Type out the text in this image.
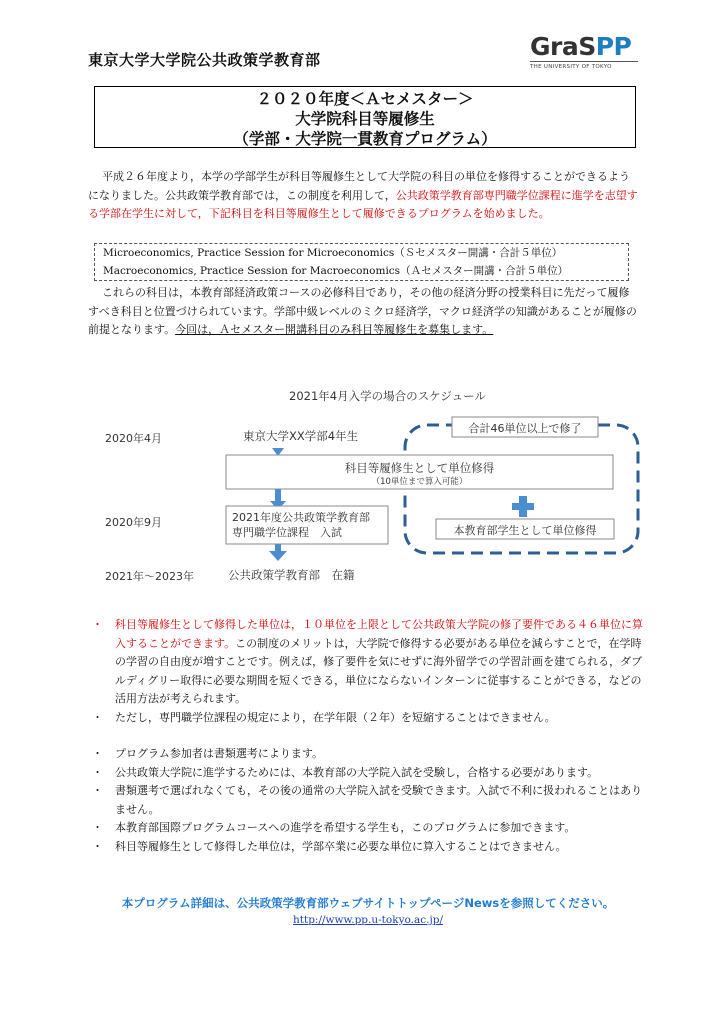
東京大学大学院公共政策学教育部	GraSPP
THE UNIVERSITY OF TOKYO
２０２０年度＜Ａセメスター＞
大学院科目等履修生
（学部・大学院一貫教育プログラム）
平成２６年度より，本学の学部学生が科目等履修生として大学院の科目の単位を修得することができるようになりました。公共政策学教育部では，この制度を利用して，公共政策学教育部専門職学位課程に進学を志望する学部在学生に対して，下記科目を科目等履修生として履修できるプログラムを始めました。
Microeconomics, Practice Session for Microeconomics（Ｓセメスター開講・合計５単位）
Macroeconomics, Practice Session for Macroeconomics（Ａセメスター開講・合計５単位）
これらの科目は，本教育部経済政策コースの必修科目であり，その他の経済分野の授業科目に先だって履修すべき科目と位置づけられています。学部中級レベルのミクロ経済学，マクロ経済学の知識があることが履修の前提となります。今回は，Ａセメスター開講科目のみ科目等履修生を募集します。
2021年4月入学の場合のスケジュール
2020年4月	東京大学XX学部4年生
科目等履修生として単位修得
（10単位まで算入可能）
2020年9月	2021年度公共政策学教育部
専門職学位課程　入試
2021年～2023年	公共政策学教育部　在籍
合計46単位以上で修了
本教育部学生として単位修得
・ 科目等履修生として修得した単位は，１０単位を上限として公共政策大学院の修了要件である４６単位に算入することができます。この制度のメリットは，大学院で修得する必要がある単位を減らすことで，在学時の学習の自由度が増すことです。例えば，修了要件を気にせずに海外留学での学習計画を建てられる，ダブルディグリー取得に必要な期間を短くできる，単位にならないインターンに従事することができる，などの活用方法が考えられます。
・ ただし，専門職学位課程の規定により，在学年限（２年）を短縮することはできません。
・ プログラム参加者は書類選考によります。
・ 公共政策大学院に進学するためには、本教育部の大学院入試を受験し，合格する必要があります。
・ 書類選考で選ばれなくても，その後の通常の大学院入試を受験できます。入試で不利に扱われることはありません。
・ 本教育部国際プログラムコースへの進学を希望する学生も，このプログラムに参加できます。
・ 科目等履修生として修得した単位は，学部卒業に必要な単位に算入することはできません。
本プログラム詳細は、公共政策学教育部ウェブサイトトップページNewsを参照してください。
http://www.pp.u-tokyo.ac.jp/
